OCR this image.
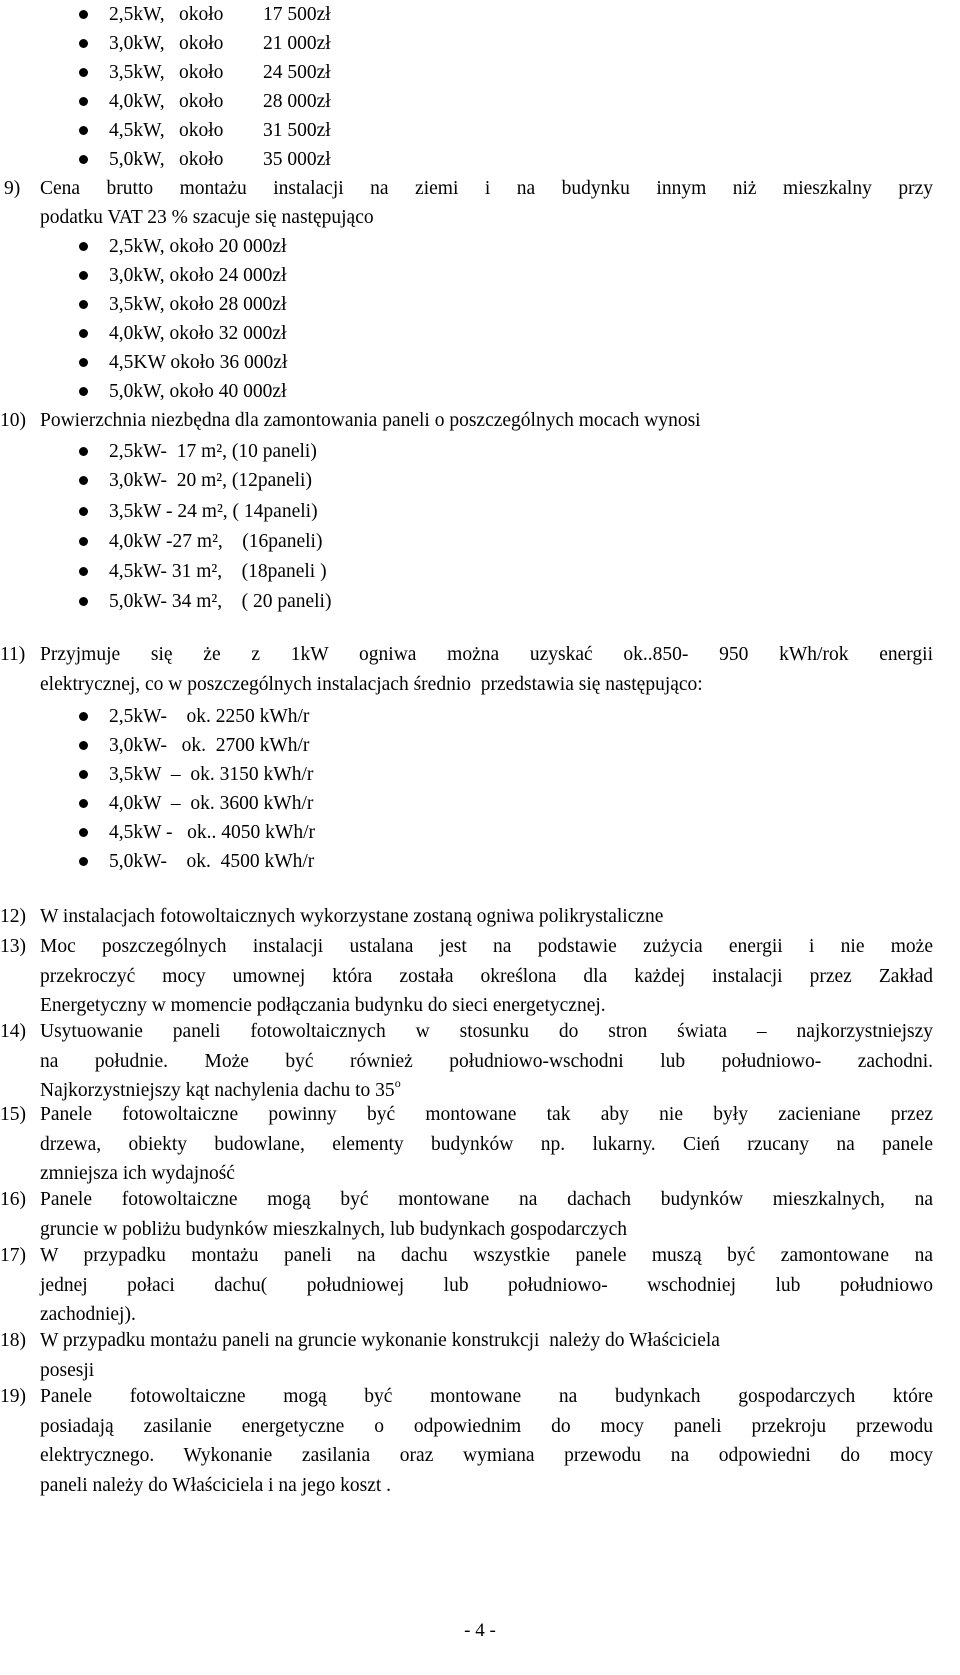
2,5kW, około 17 500zł
3,0kW, około 21 000zł
3,5kW, około 24 500zł
4,0kW, około 28 000zł
4,5kW, około 31 500zł
5,0kW, około 35 000zł
9) Cena brutto montażu instalacji na ziemi i na budynku innym niż mieszkalny przy
podatku VAT 23 % szacuje się następująco
2,5kW, około 20 000zł
3,0kW, około 24 000zł
3,5kW, około 28 000zł
4,0kW, około 32 000zł
4,5KW około 36 000zł
5,0kW, około 40 000zł
10) Powierzchnia niezbędna dla zamontowania paneli o poszczególnych mocach wynosi
2,5kW-  17 m², (10 paneli)
3,0kW-  20 m², (12paneli)
3,5kW - 24 m², ( 14paneli)
4,0kW -27 m²,    (16paneli)
4,5kW- 31 m²,    (18paneli )
5,0kW- 34 m²,    ( 20 paneli)
11) Przyjmuje się że z 1kW ogniwa można uzyskać ok..850- 950 kWh/rok energii
elektrycznej, co w poszczególnych instalacjach średnio  przedstawia się następująco:
2,5kW-    ok. 2250 kWh/r
3,0kW-   ok.  2700 kWh/r
3,5kW  –  ok. 3150 kWh/r
4,0kW  –  ok. 3600 kWh/r
4,5kW -   ok.. 4050 kWh/r
5,0kW-    ok.  4500 kWh/r
12) W instalacjach fotowoltaicznych wykorzystane zostaną ogniwa polikrystaliczne
13) Moc poszczególnych instalacji ustalana jest na podstawie zużycia energii i nie może
przekroczyć mocy umownej która została określona dla każdej instalacji przez Zakład
Energetyczny w momencie podłączania budynku do sieci energetycznej.
14) Usytuowanie paneli fotowoltaicznych w stosunku do stron świata – najkorzystniejszy
na południe. Może być również południowo-wschodni lub południowo- zachodni.
Najkorzystniejszy kąt nachylenia dachu to 35$^o$
15) Panele fotowoltaiczne powinny być montowane tak aby nie były zacieniane przez
drzewa, obiekty budowlane, elementy budynków np. lukarny. Cień rzucany na panele
zmniejsza ich wydajność
16) Panele fotowoltaiczne mogą być montowane na dachach budynków mieszkalnych, na
gruncie w pobliżu budynków mieszkalnych, lub budynkach gospodarczych
17) W przypadku montażu paneli na dachu wszystkie panele muszą być zamontowane na
jednej połaci dachu( południowej lub południowo- wschodniej lub południowo
zachodniej).
18) W przypadku montażu paneli na gruncie wykonanie konstrukcji  należy do Właściciela
posesji
19) Panele fotowoltaiczne mogą być montowane na budynkach gospodarczych które
posiadają zasilanie energetyczne o odpowiednim do mocy paneli przekroju przewodu
elektrycznego. Wykonanie zasilania oraz wymiana przewodu na odpowiedni do mocy
paneli należy do Właściciela i na jego koszt .
- 4 -
